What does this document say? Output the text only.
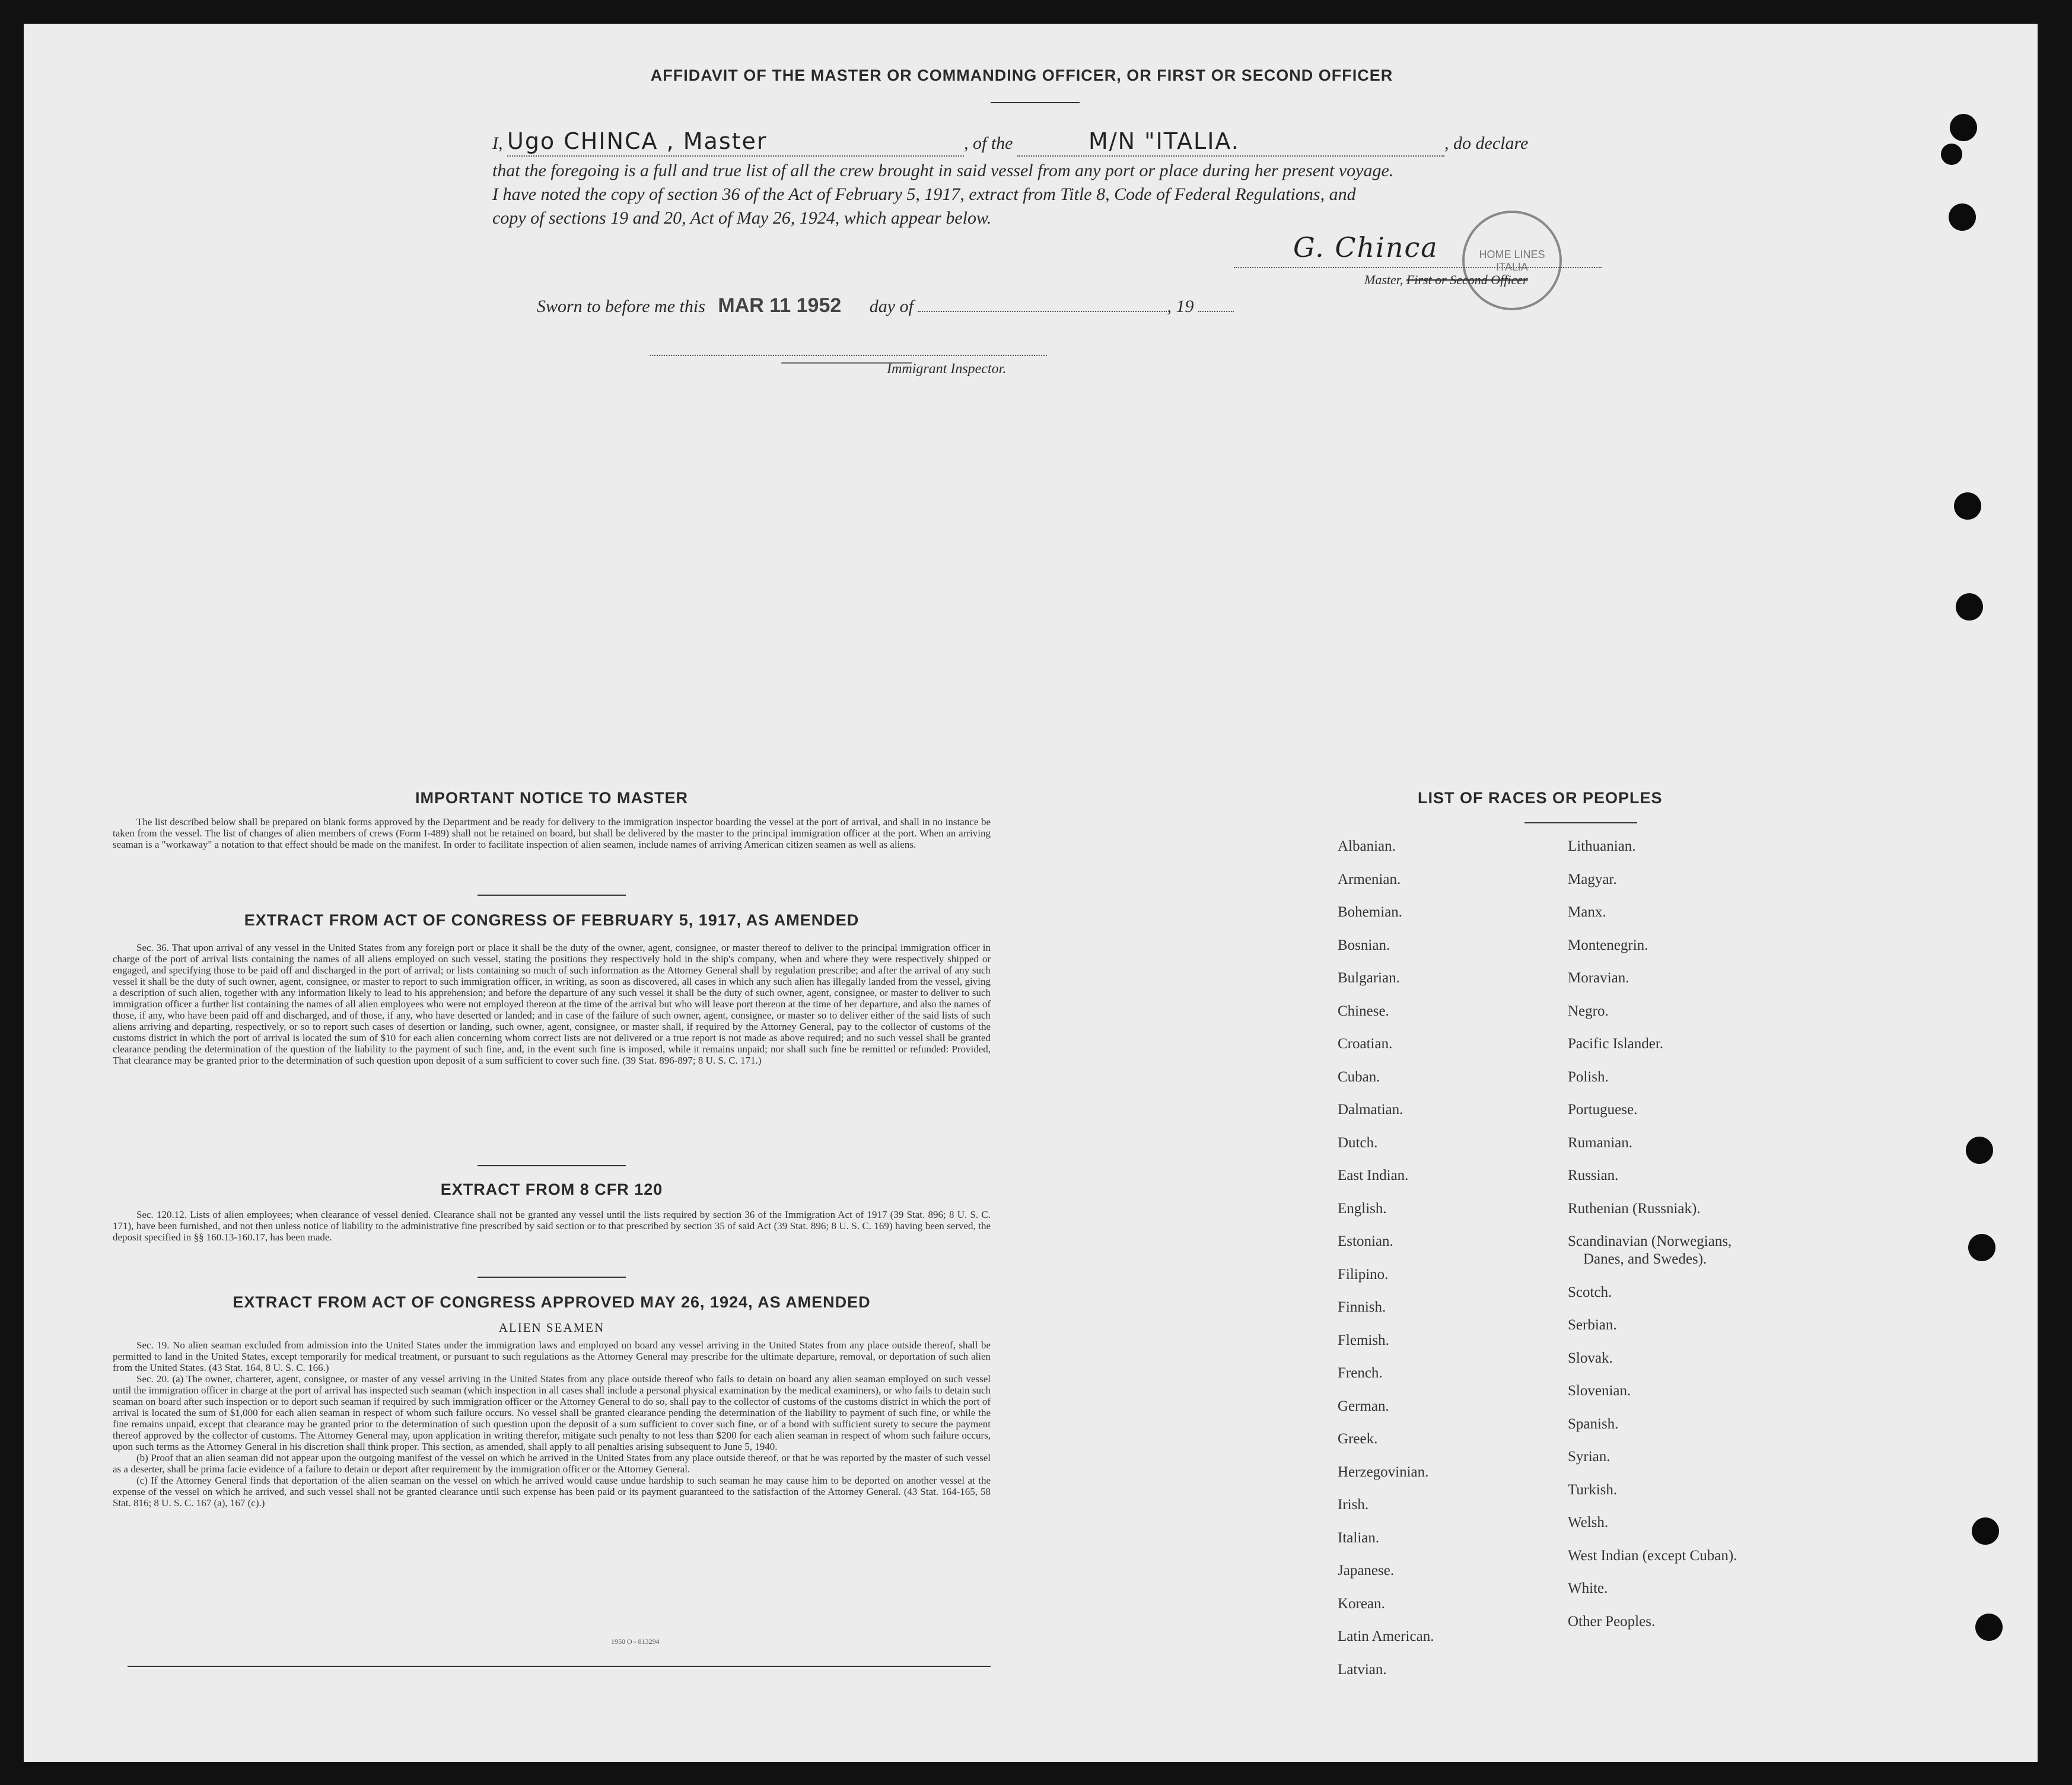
AFFIDAVIT OF THE MASTER OR COMMANDING OFFICER, OR FIRST OR SECOND OFFICER
I, Ugo CHINCA , Master	, of the	M/N "ITALIA.	, do declare
that the foregoing is a full and true list of all the crew brought in said vessel from any port or place during her present voyage.
I have noted the copy of section 36 of the Act of February 5, 1917, extract from Title 8, Code of Federal Regulations, and
copy of sections 19 and 20, Act of May 26, 1924, which appear below.
G. Chinca	HOME LINES ITALIA
Master, First or Second Officer
Sworn to before me this MAR 11 1952 day of	, 19
Immigrant Inspector.
IMPORTANT NOTICE TO MASTER

The list described below shall be prepared on blank forms approved by the Department and be ready for delivery to the immigration inspector boarding the vessel at the port of arrival, and shall in no instance be taken from the vessel. The list of changes of alien members of crews (Form I-489) shall not be retained on board, but shall be delivered by the master to the principal immigration officer at the port. When an arriving seaman is a "workaway" a notation to that effect should be made on the manifest. In order to facilitate inspection of alien seamen, include names of arriving American citizen seamen as well as aliens.

EXTRACT FROM ACT OF CONGRESS OF FEBRUARY 5, 1917, AS AMENDED

Sec. 36. That upon arrival of any vessel in the United States from any foreign port or place it shall be the duty of the owner, agent, consignee, or master thereof to deliver to the principal immigration officer in charge of the port of arrival lists containing the names of all aliens employed on such vessel, stating the positions they respectively hold in the ship's company, when and where they were respectively shipped or engaged, and specifying those to be paid off and discharged in the port of arrival; or lists containing so much of such information as the Attorney General shall by regulation prescribe; and after the arrival of any such vessel it shall be the duty of such owner, agent, consignee, or master to report to such immigration officer, in writing, as soon as discovered, all cases in which any such alien has illegally landed from the vessel, giving a description of such alien, together with any information likely to lead to his apprehension; and before the departure of any such vessel it shall be the duty of such owner, agent, consignee, or master to deliver to such immigration officer a further list containing the names of all alien employees who were not employed thereon at the time of the arrival but who will leave port thereon at the time of her departure, and also the names of those, if any, who have been paid off and discharged, and of those, if any, who have deserted or landed; and in case of the failure of such owner, agent, consignee, or master so to deliver either of the said lists of such aliens arriving and departing, respectively, or so to report such cases of desertion or landing, such owner, agent, consignee, or master shall, if required by the Attorney General, pay to the collector of customs of the customs district in which the port of arrival is located the sum of $10 for each alien concerning whom correct lists are not delivered or a true report is not made as above required; and no such vessel shall be granted clearance pending the determination of the question of the liability to the payment of such fine, and, in the event such fine is imposed, while it remains unpaid; nor shall such fine be remitted or refunded: Provided, That clearance may be granted prior to the determination of such question upon deposit of a sum sufficient to cover such fine. (39 Stat. 896-897; 8 U. S. C. 171.)

EXTRACT FROM 8 CFR 120

Sec. 120.12. Lists of alien employees; when clearance of vessel denied. Clearance shall not be granted any vessel until the lists required by section 36 of the Immigration Act of 1917 (39 Stat. 896; 8 U. S. C. 171), have been furnished, and not then unless notice of liability to the administrative fine prescribed by said section or to that prescribed by section 35 of said Act (39 Stat. 896; 8 U. S. C. 169) having been served, the deposit specified in §§ 160.13-160.17, has been made.

EXTRACT FROM ACT OF CONGRESS APPROVED MAY 26, 1924, AS AMENDED
ALIEN SEAMEN

Sec. 19. No alien seaman excluded from admission into the United States under the immigration laws and employed on board any vessel arriving in the United States from any place outside thereof, shall be permitted to land in the United States, except temporarily for medical treatment, or pursuant to such regulations as the Attorney General may prescribe for the ultimate departure, removal, or deportation of such alien from the United States. (43 Stat. 164, 8 U. S. C. 166.)

Sec. 20. (a) The owner, charterer, agent, consignee, or master of any vessel arriving in the United States from any place outside thereof who fails to detain on board any alien seaman employed on such vessel until the immigration officer in charge at the port of arrival has inspected such seaman (which inspection in all cases shall include a personal physical examination by the medical examiners), or who fails to detain such seaman on board after such inspection or to deport such seaman if required by such immigration officer or the Attorney General to do so, shall pay to the collector of customs of the customs district in which the port of arrival is located the sum of $1,000 for each alien seaman in respect of whom such failure occurs. No vessel shall be granted clearance pending the determination of the liability to payment of such fine, or while the fine remains unpaid, except that clearance may be granted prior to the determination of such question upon the deposit of a sum sufficient to cover such fine, or of a bond with sufficient surety to secure the payment thereof approved by the collector of customs. The Attorney General may, upon application in writing therefor, mitigate such penalty to not less than $200 for each alien seaman in respect of whom such failure occurs, upon such terms as the Attorney General in his discretion shall think proper. This section, as amended, shall apply to all penalties arising subsequent to June 5, 1940.

(b) Proof that an alien seaman did not appear upon the outgoing manifest of the vessel on which he arrived in the United States from any place outside thereof, or that he was reported by the master of such vessel as a deserter, shall be prima facie evidence of a failure to detain or deport after requirement by the immigration officer or the Attorney General.

(c) If the Attorney General finds that deportation of the alien seaman on the vessel on which he arrived would cause undue hardship to such seaman he may cause him to be deported on another vessel at the expense of the vessel on which he arrived, and such vessel shall not be granted clearance until such expense has been paid or its payment guaranteed to the satisfaction of the Attorney General. (43 Stat. 164-165, 58 Stat. 816; 8 U. S. C. 167 (a), 167 (c).)

1950 O - 813294
LIST OF RACES OR PEOPLES
Albanian.
Armenian.
Bohemian.
Bosnian.
Bulgarian.
Chinese.
Croatian.
Cuban.
Dalmatian.
Dutch.
East Indian.
English.
Estonian.
Filipino.
Finnish.
Flemish.
French.
German.
Greek.
Herzegovinian.
Irish.
Italian.
Japanese.
Korean.
Latin American.
Latvian.
Lithuanian.
Magyar.
Manx.
Montenegrin.
Moravian.
Negro.
Pacific Islander.
Polish.
Portuguese.
Rumanian.
Russian.
Ruthenian (Russniak).
Scandinavian (Norwegians,
Danes, and Swedes).
Scotch.
Serbian.
Slovak.
Slovenian.
Spanish.
Syrian.
Turkish.
Welsh.
West Indian (except Cuban).
White.
Other Peoples.
